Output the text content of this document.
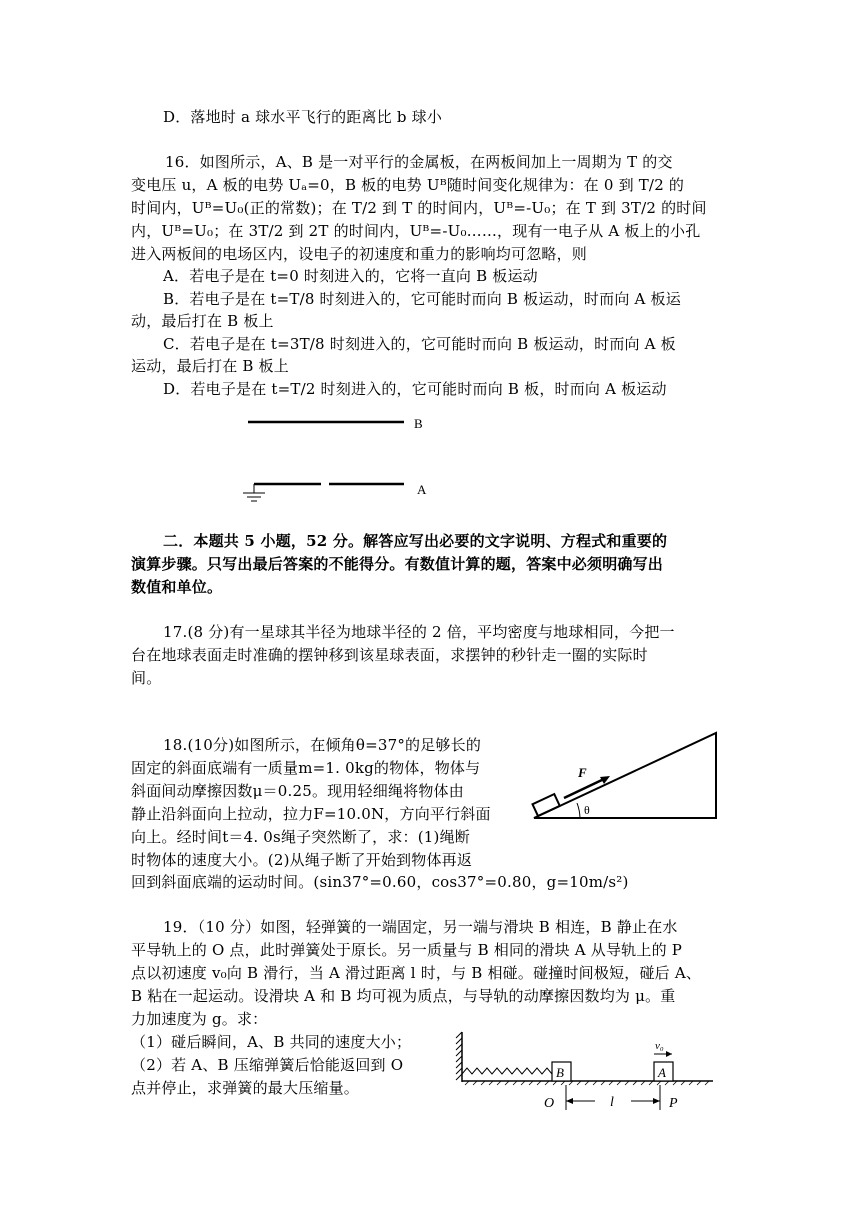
D．落地时 a 球水平飞行的距离比 b 球小
16．如图所示，A、B 是一对平行的金属板，在两板间加上一周期为 T 的交
变电压 u，A 板的电势 Uₐ=0，B 板的电势 Uᴮ随时间变化规律为：在 0 到 T/2 的
时间内，Uᴮ=U₀(正的常数)；在 T/2 到 T 的时间内，Uᴮ=-U₀；在 T 到 3T/2 的时间
内，Uᴮ=U₀；在 3T/2 到 2T 的时间内，Uᴮ=-U₀……，现有一电子从 A 板上的小孔
进入两板间的电场区内，设电子的初速度和重力的影响均可忽略，则
A．若电子是在 t=0 时刻进入的，它将一直向 B 板运动
B．若电子是在 t=T/8 时刻进入的，它可能时而向 B 板运动，时而向 A 板运
动，最后打在 B 板上
C．若电子是在 t=3T/8 时刻进入的，它可能时而向 B 板运动，时而向 A 板
运动，最后打在 B 板上
D．若电子是在 t=T/2 时刻进入的，它可能时而向 B 板，时而向 A 板运动
B
A
二．本题共 5 小题，52 分。解答应写出必要的文字说明、方程式和重要的
演算步骤。只写出最后答案的不能得分。有数值计算的题，答案中必须明确写出
数值和单位。
17.(8 分)有一星球其半径为地球半径的 2 倍，平均密度与地球相同，今把一
台在地球表面走时准确的摆钟移到该星球表面，求摆钟的秒针走一圈的实际时
间。
18.(10分)如图所示，在倾角θ=37°的足够长的
固定的斜面底端有一质量m=1. 0kg的物体，物体与
斜面间动摩擦因数μ＝0.25。现用轻细绳将物体由
静止沿斜面向上拉动，拉力F=10.0N，方向平行斜面
向上。经时间t＝4. 0s绳子突然断了，求：(1)绳断
时物体的速度大小。(2)从绳子断了开始到物体再返
回到斜面底端的运动时间。(sin37°=0.60，cos37°=0.80，g=10m/s²)
F
θ
19．（10 分）如图，轻弹簧的一端固定，另一端与滑块 B 相连，B 静止在水
平导轨上的 O 点，此时弹簧处于原长。另一质量与 B 相同的滑块 A 从导轨上的 P
点以初速度 v₀向 B 滑行，当 A 滑过距离 l 时，与 B 相碰。碰撞时间极短，碰后 A、
B 粘在一起运动。设滑块 A 和 B 均可视为质点，与导轨的动摩擦因数均为 μ。重
力加速度为 g。求：
（1）碰后瞬间，A、B 共同的速度大小；
（2）若 A、B 压缩弹簧后恰能返回到 O
点并停止，求弹簧的最大压缩量。
B	A
v₀
O	l	P
